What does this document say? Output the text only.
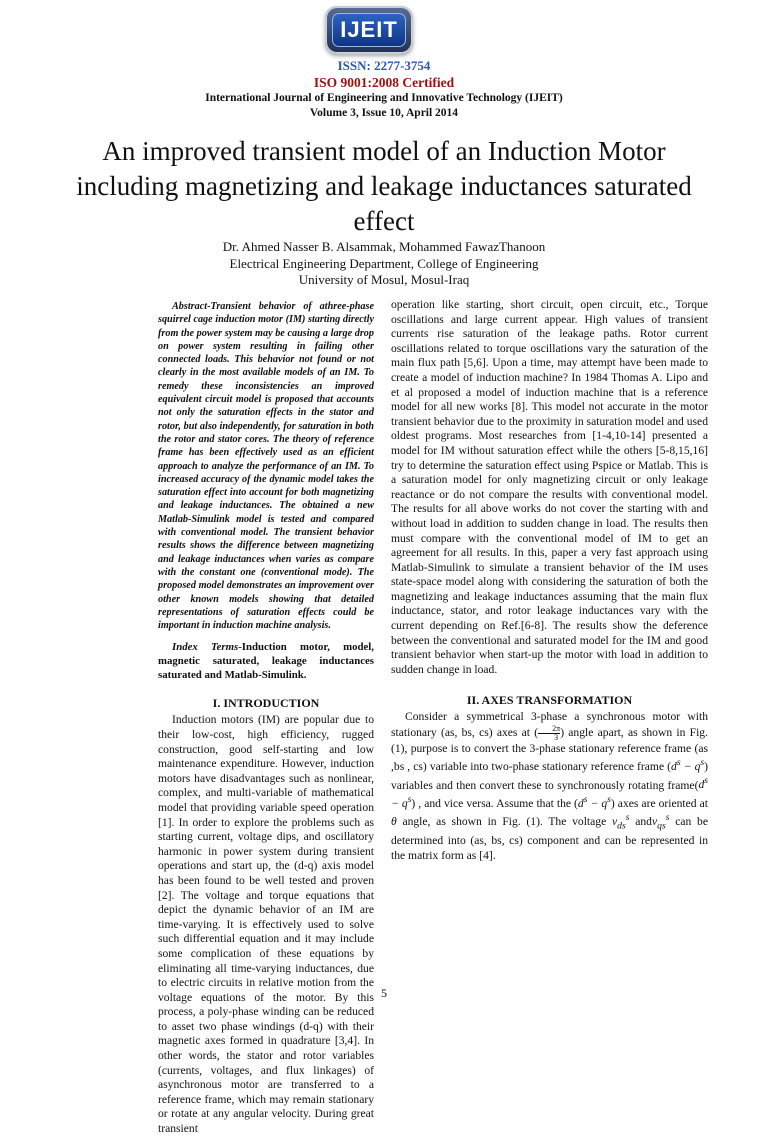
IJEIT
ISSN: 2277-3754
ISO 9001:2008 Certified
International Journal of Engineering and Innovative Technology (IJEIT)
Volume 3, Issue 10, April 2014
An improved transient model of an Induction Motor including magnetizing and leakage inductances saturated effect
Dr. Ahmed Nasser B. Alsammak, Mohammed FawazThanoon
Electrical Engineering Department, College of Engineering
University of Mosul, Mosul-Iraq

Abstract-Transient behavior of athree-phase squirrel cage induction motor (IM) starting directly from the power system may be causing a large drop on power system resulting in failing other connected loads. This behavior not found or not clearly in the most available models of an IM. To remedy these inconsistencies an improved equivalent circuit model is proposed that accounts not only the saturation effects in the stator and rotor, but also independently, for saturation in both the rotor and stator cores. The theory of reference frame has been effectively used as an efficient approach to analyze the performance of an IM. To increased accuracy of the dynamic model takes the saturation effect into account for both magnetizing and leakage inductances. The obtained a new Matlab-Simulink model is tested and compared with conventional model. The transient behavior results shows the difference between magnetizing and leakage inductances when varies as compare with the constant one (conventional mode). The proposed model demonstrates an improvement over other known models showing that detailed representations of saturation effects could be important in induction machine analysis.

Index Terms-Induction motor, model, magnetic saturated, leakage inductances saturated and Matlab-Simulink.

I. INTRODUCTION

Induction motors (IM) are popular due to their low-cost, high efficiency, rugged construction, good self-starting and low maintenance expenditure. However, induction motors have disadvantages such as nonlinear, complex, and multi-variable of mathematical model that providing variable speed operation [1]. In order to explore the problems such as starting current, voltage dips, and oscillatory harmonic in power system during transient operations and start up, the (d-q) axis model has been found to be well tested and proven [2]. The voltage and torque equations that depict the dynamic behavior of an IM are time-varying. It is effectively used to solve such differential equation and it may include some complication of these equations by eliminating all time-varying inductances, due to electric circuits in relative motion from the voltage equations of the motor. By this process, a poly-phase winding can be reduced to asset two phase windings (d-q) with their magnetic axes formed in quadrature [3,4]. In other words, the stator and rotor variables (currents, voltages, and flux linkages) of asynchronous motor are transferred to a reference frame, which may remain stationary or rotate at any angular velocity. During great transient

operation like starting, short circuit, open circuit, etc., Torque oscillations and large current appear. High values of transient currents rise saturation of the leakage paths. Rotor current oscillations related to torque oscillations vary the saturation of the main flux path [5,6]. Upon a time, may attempt have been made to create a model of induction machine? In 1984 Thomas A. Lipo and et al proposed a model of induction machine that is a reference model for all new works [8]. This model not accurate in the motor transient behavior due to the proximity in saturation model and used oldest programs. Most researches from [1-4,10-14] presented a model for IM without saturation effect while the others [5-8,15,16] try to determine the saturation effect using Pspice or Matlab. This is a saturation model for only magnetizing circuit or only leakage reactance or do not compare the results with conventional model. The results for all above works do not cover the starting with and without load in addition to sudden change in load. The results then must compare with the conventional model of IM to get an agreement for all results. In this, paper a very fast approach using Matlab-Simulink to simulate a transient behavior of the IM uses state-space model along with considering the saturation of both the magnetizing and leakage inductances assuming that the main flux inductance, stator, and rotor leakage inductances vary with the current depending on Ref.[6-8]. The results show the deference between the conventional and saturated model for the IM and good transient behavior when start-up the motor with load in addition to sudden change in load.

II. AXES TRANSFORMATION

Consider a symmetrical 3-phase a synchronous motor with stationary (as, bs, cs) axes at ( $\frac{2\pi}{3}$ ) angle apart, as shown in Fig. (1), purpose is to convert the 3-phase stationary reference frame (as ,bs , cs) variable into two-phase stationary reference frame $(d^s - q^s)$ variables and then convert these to synchronously rotating $frame(d^s - q^s)$ , and vice versa. Assume that the $(d^s - q^s)$ axes are oriented at θ angle, as shown in Fig. (1). The voltage $v_{ds}^s$ andv$_{qs}^s$ can be determined into (as, bs, cs) component and can be represented in the matrix form as [4].

5
